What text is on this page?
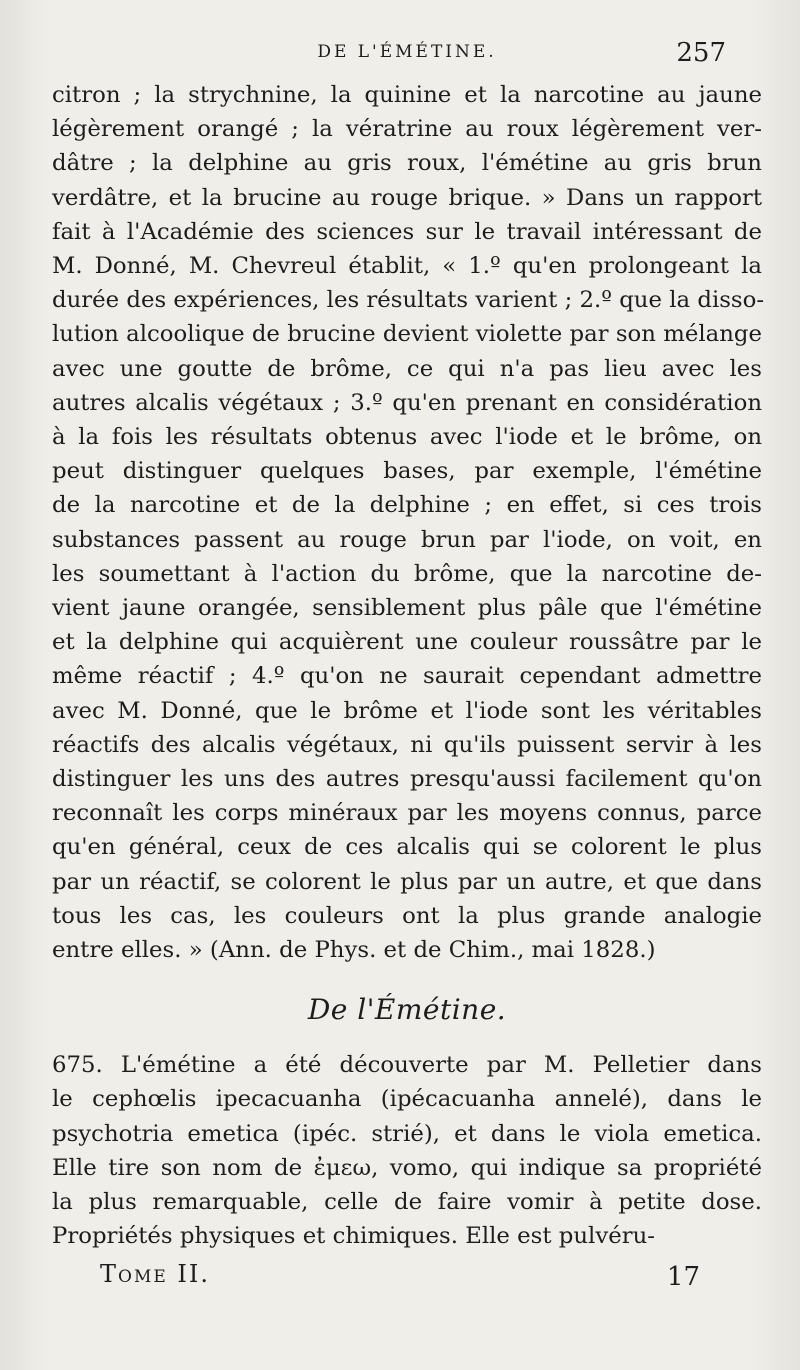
DE L'ÉMÉTINE.	257
citron ; la strychnine, la quinine et la narcotine au jaune
légèrement orangé ; la vératrine au roux légèrement ver-
dâtre ; la delphine au gris roux, l'émétine au gris brun
verdâtre, et la brucine au rouge brique. » Dans un rapport
fait à l'Académie des sciences sur le travail intéressant de
M. Donné, M. Chevreul établit, « 1.º qu'en prolongeant la
durée des expériences, les résultats varient ; 2.º que la disso-
lution alcoolique de brucine devient violette par son mélange
avec une goutte de brôme, ce qui n'a pas lieu avec les
autres alcalis végétaux ; 3.º qu'en prenant en considération
à la fois les résultats obtenus avec l'iode et le brôme, on
peut distinguer quelques bases, par exemple, l'émétine
de la narcotine et de la delphine ; en effet, si ces trois
substances passent au rouge brun par l'iode, on voit, en
les soumettant à l'action du brôme, que la narcotine de-
vient jaune orangée, sensiblement plus pâle que l'émétine
et la delphine qui acquièrent une couleur roussâtre par le
même réactif ; 4.º qu'on ne saurait cependant admettre
avec M. Donné, que le brôme et l'iode sont les véritables
réactifs des alcalis végétaux, ni qu'ils puissent servir à les
distinguer les uns des autres presqu'aussi facilement qu'on
reconnaît les corps minéraux par les moyens connus, parce
qu'en général, ceux de ces alcalis qui se colorent le plus
par un réactif, se colorent le plus par un autre, et que dans
tous les cas, les couleurs ont la plus grande analogie
entre elles. » (Ann. de Phys. et de Chim., mai 1828.)
De l'Émétine.
675. L'émétine a été découverte par M. Pelletier dans
le cephœlis ipecacuanha (ipécacuanha annelé), dans le
psychotria emetica (ipéc. strié), et dans le viola emetica.
Elle tire son nom de ἐμεω, vomo, qui indique sa propriété
la plus remarquable, celle de faire vomir à petite dose.
Propriétés physiques et chimiques. Elle est pulvéru-
Tome II.	17
